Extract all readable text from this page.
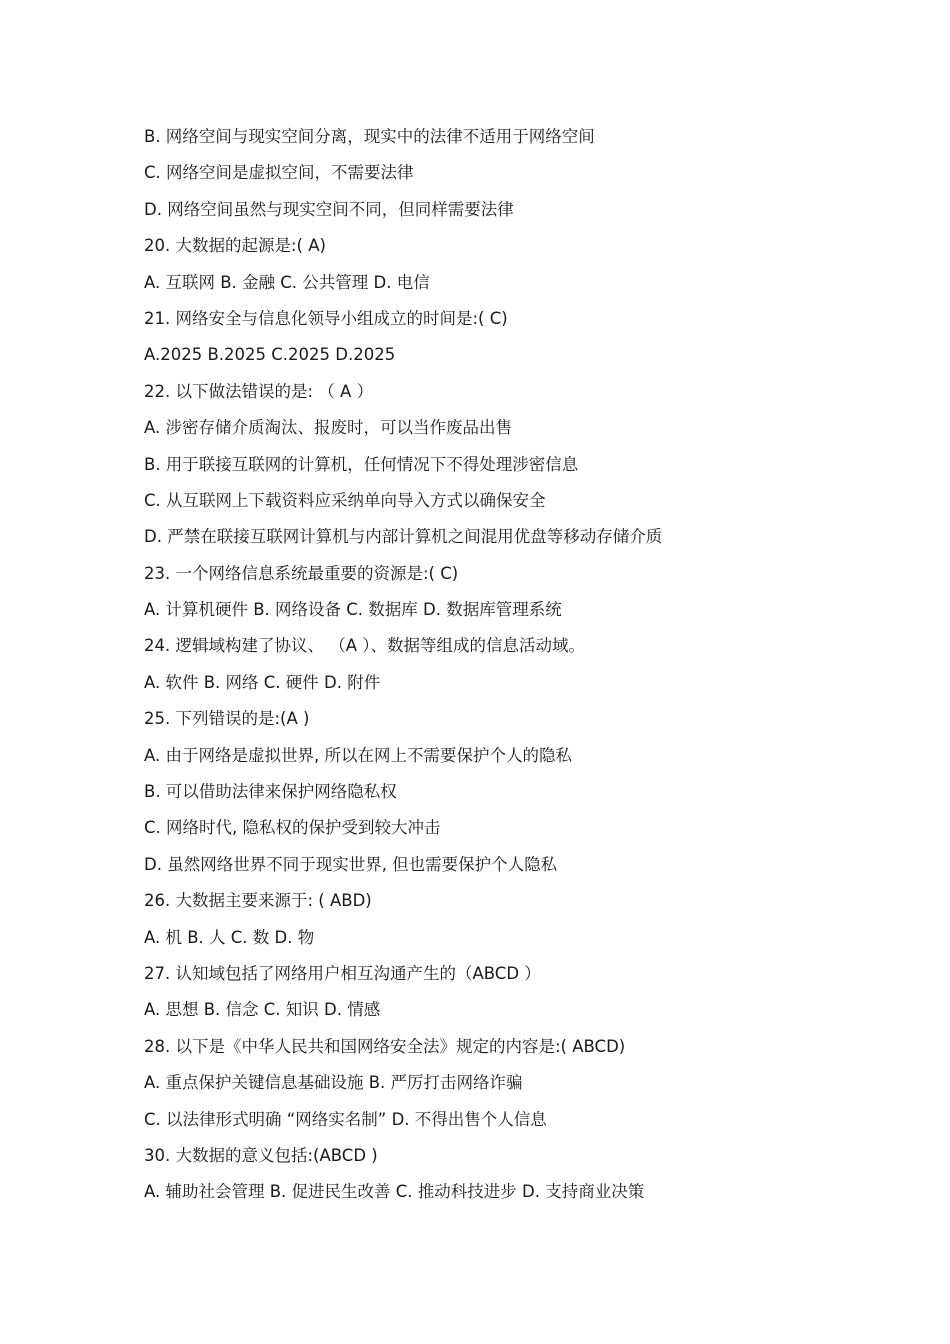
B. 网络空间与现实空间分离，现实中的法律不适用于网络空间
C. 网络空间是虚拟空间，不需要法律
D. 网络空间虽然与现实空间不同，但同样需要法律
20. 大数据的起源是:( A)
A. 互联网 B. 金融 C. 公共管理 D. 电信
21. 网络安全与信息化领导小组成立的时间是:( C)
A.2025 B.2025 C.2025 D.2025
22. 以下做法错误的是: （ A ）
A. 涉密存储介质淘汰、报废时，可以当作废品出售
B. 用于联接互联网的计算机，任何情况下不得处理涉密信息
C. 从互联网上下载资料应采纳单向导入方式以确保安全
D. 严禁在联接互联网计算机与内部计算机之间混用优盘等移动存储介质
23. 一个网络信息系统最重要的资源是:( C)
A. 计算机硬件 B. 网络设备 C. 数据库 D. 数据库管理系统
24. 逻辑域构建了协议、 （A ）、数据等组成的信息活动域。
A. 软件 B. 网络 C. 硬件 D. 附件
25. 下列错误的是:(A )
A. 由于网络是虚拟世界, 所以在网上不需要保护个人的隐私
B. 可以借助法律来保护网络隐私权
C. 网络时代, 隐私权的保护受到较大冲击
D. 虽然网络世界不同于现实世界, 但也需要保护个人隐私
26. 大数据主要来源于: ( ABD)
A. 机 B. 人 C. 数 D. 物
27. 认知域包括了网络用户相互沟通产生的（ABCD ）
A. 思想 B. 信念 C. 知识 D. 情感
28. 以下是《中华人民共和国网络安全法》规定的内容是:( ABCD)
A. 重点保护关键信息基础设施 B. 严厉打击网络诈骗
C. 以法律形式明确 “网络实名制” D. 不得出售个人信息
30. 大数据的意义包括:(ABCD )
A. 辅助社会管理 B. 促进民生改善 C. 推动科技进步 D. 支持商业决策
